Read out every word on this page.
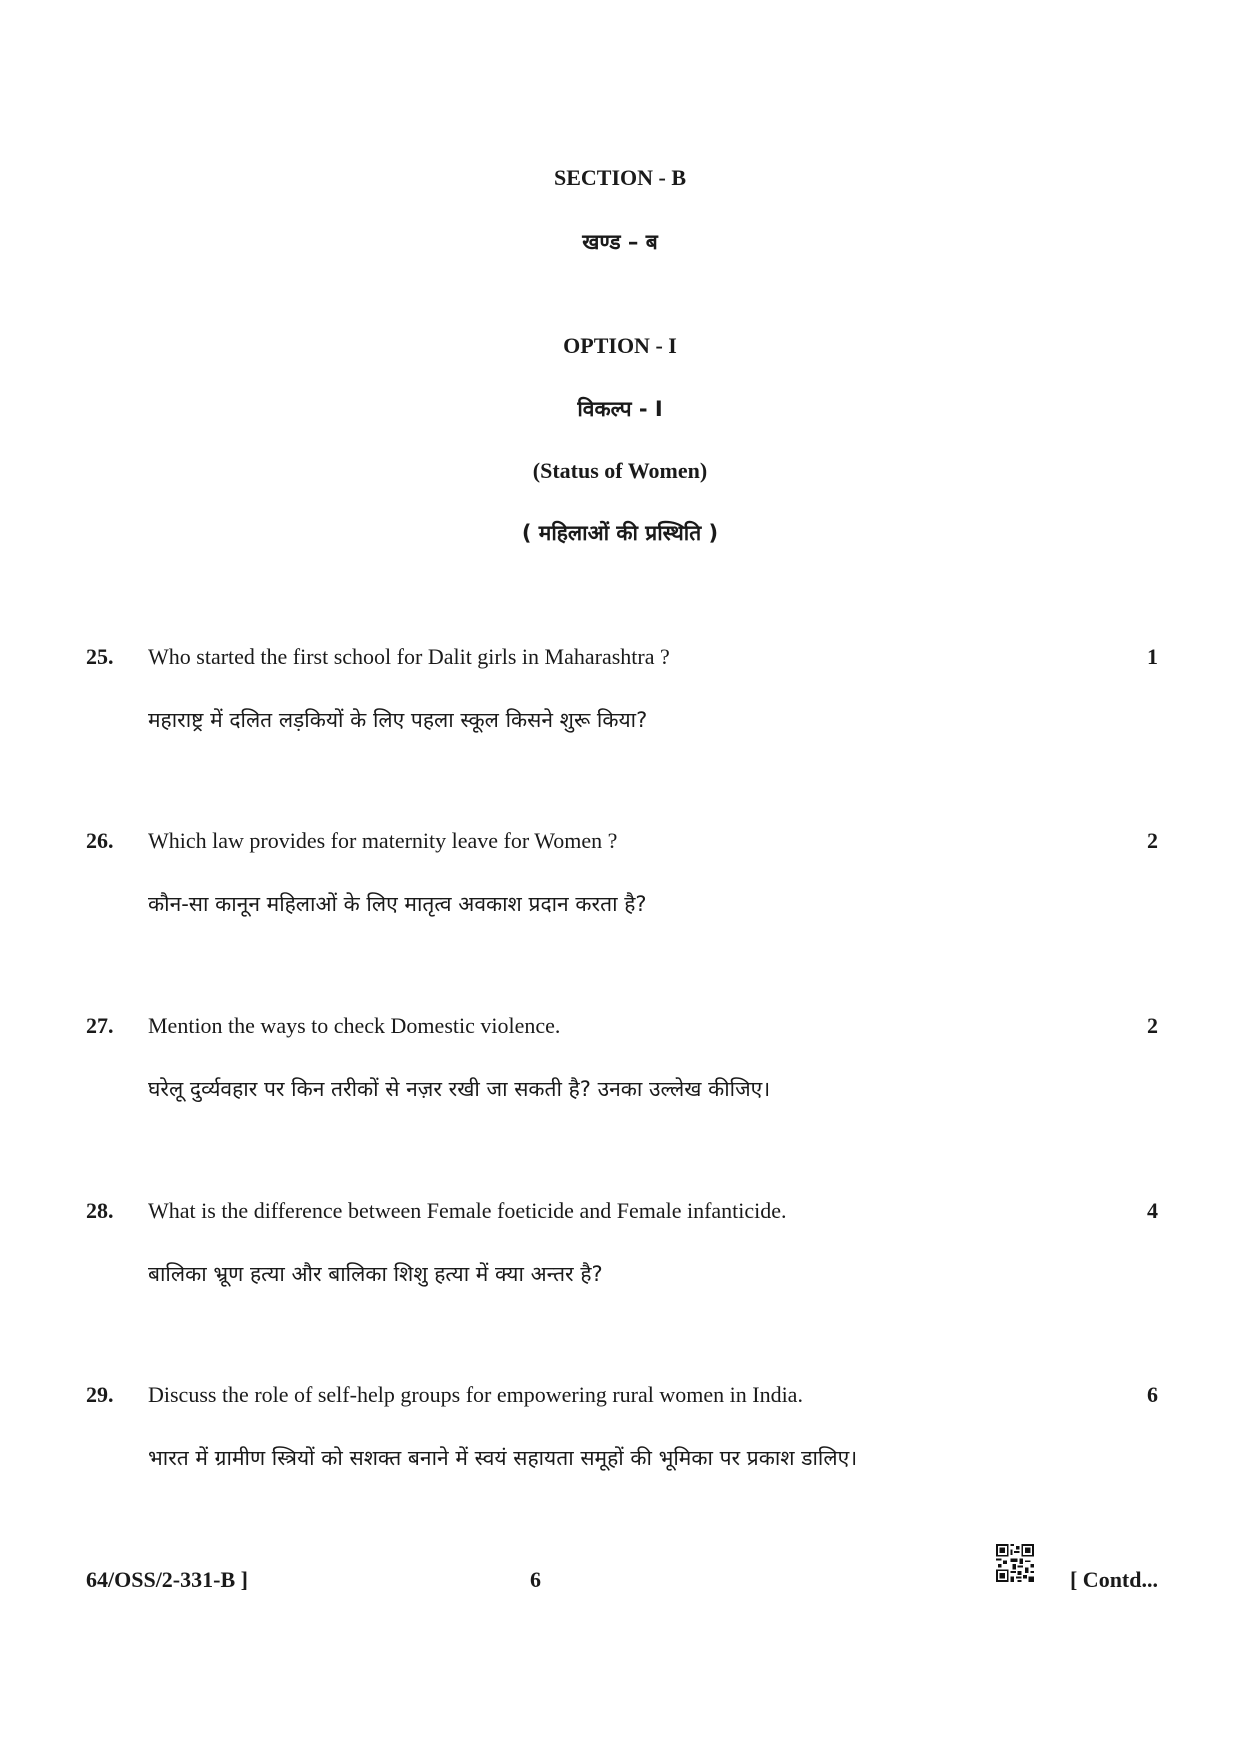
SECTION - B
खण्ड – ब
OPTION - I
विकल्प - I
(Status of Women)
( महिलाओं की प्रस्थिति )
25. Who started the first school for Dalit girls in Maharashtra ?	1
महाराष्ट्र में दलित लड़कियों के लिए पहला स्कूल किसने शुरू किया?
26. Which law provides for maternity leave for Women ?	2
कौन-सा कानून महिलाओं के लिए मातृत्व अवकाश प्रदान करता है?
27. Mention the ways to check Domestic violence.	2
घरेलू दुर्व्यवहार पर किन तरीकों से नज़र रखी जा सकती है? उनका उल्लेख कीजिए।
28. What is the difference between Female foeticide and Female infanticide.	4
बालिका भ्रूण हत्या और बालिका शिशु हत्या में क्या अन्तर है?
29. Discuss the role of self-help groups for empowering rural women in India.	6
भारत में ग्रामीण स्त्रियों को सशक्त बनाने में स्वयं सहायता समूहों की भूमिका पर प्रकाश डालिए।
64/OSS/2-331-B ]	6	[ Contd...
